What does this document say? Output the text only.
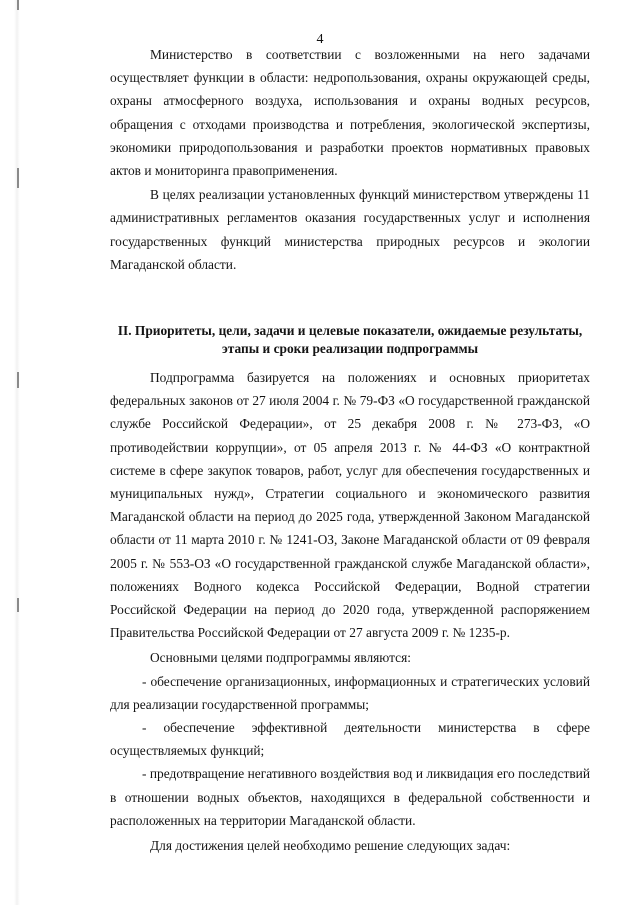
4

Министерство в соответствии с возложенными на него задачами осуществляет функции в области: недропользования, охраны окружающей среды, охраны атмосферного воздуха, использования и охраны водных ресурсов, обращения с отходами производства и потребления, экологической экспертизы, экономики природопользования и разработки проектов нормативных правовых актов и мониторинга правоприменения.

В целях реализации установленных функций министерством утверждены 11 административных регламентов оказания государственных услуг и исполнения государственных функций министерства природных ресурсов и экологии Магаданской области.

II. Приоритеты, цели, задачи и целевые показатели, ожидаемые результаты,
этапы и сроки реализации подпрограммы

Подпрограмма базируется на положениях и основных приоритетах федеральных законов от 27 июля 2004 г. № 79-ФЗ «О государственной гражданской службе Российской Федерации», от 25 декабря 2008 г. № 273-ФЗ, «О противодействии коррупции», от 05 апреля 2013 г. № 44-ФЗ «О контрактной системе в сфере закупок товаров, работ, услуг для обеспечения государственных и муниципальных нужд», Стратегии социального и экономического развития Магаданской области на период до 2025 года, утвержденной Законом Магаданской области от 11 марта 2010 г. № 1241-ОЗ, Законе Магаданской области от 09 февраля 2005 г. № 553-ОЗ «О государственной гражданской службе Магаданской области», положениях Водного кодекса Российской Федерации, Водной стратегии Российской Федерации на период до 2020 года, утвержденной распоряжением Правительства Российской Федерации от 27 августа 2009 г. № 1235-р.

Основными целями подпрограммы являются:

- обеспечение организационных, информационных и стратегических условий для реализации государственной программы;

- обеспечение эффективной деятельности министерства в сфере осуществляемых функций;

- предотвращение негативного воздействия вод и ликвидация его последствий в отношении водных объектов, находящихся в федеральной собственности и расположенных на территории Магаданской области.

Для достижения целей необходимо решение следующих задач:
